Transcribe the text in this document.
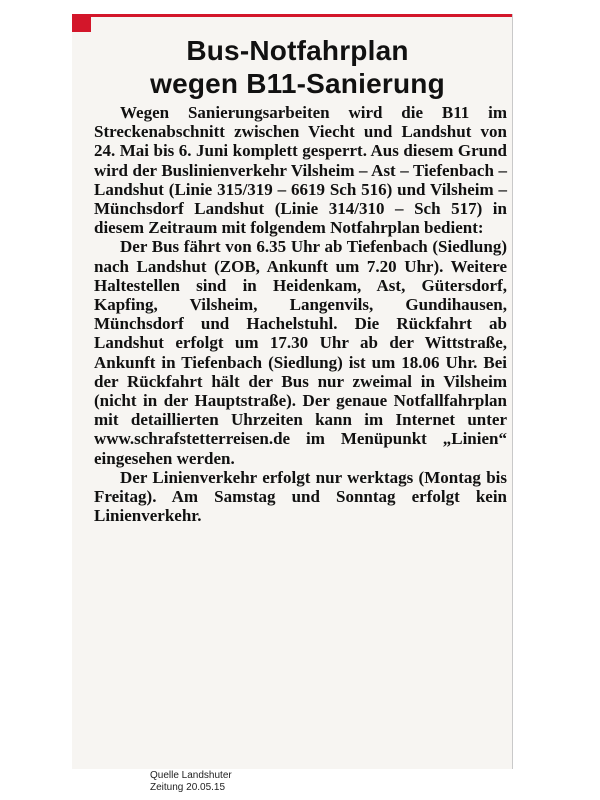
Bus-Notfahrplan
wegen B11-Sanierung

Wegen Sanierungsarbeiten wird die B11 im Streckenabschnitt zwischen Viecht und Landshut von 24. Mai bis 6. Juni komplett gesperrt. Aus diesem Grund wird der Buslinienverkehr Vilsheim – Ast – Tiefenbach – Landshut (Linie 315/319 – 6619 Sch 516) und Vilsheim – Münchsdorf Landshut (Linie 314/310 – Sch 517) in diesem Zeitraum mit folgendem Notfahrplan bedient:

Der Bus fährt von 6.35 Uhr ab Tiefenbach (Siedlung) nach Landshut (ZOB, Ankunft um 7.20 Uhr). Weitere Haltestellen sind in Heidenkam, Ast, Gütersdorf, Kapfing, Vilsheim, Langenvils, Gundihausen, Münchsdorf und Hachelstuhl. Die Rückfahrt ab Landshut erfolgt um 17.30 Uhr ab der Wittstraße, Ankunft in Tiefenbach (Siedlung) ist um 18.06 Uhr. Bei der Rückfahrt hält der Bus nur zweimal in Vilsheim (nicht in der Hauptstraße). Der genaue Notfallfahrplan mit detaillierten Uhrzeiten kann im Internet unter www.schrafstetterreisen.de im Menüpunkt „Linien“ eingesehen werden.

Der Linienverkehr erfolgt nur werktags (Montag bis Freitag). Am Samstag und Sonntag erfolgt kein Linienverkehr.

Quelle Landshuter
Zeitung 20.05.15
